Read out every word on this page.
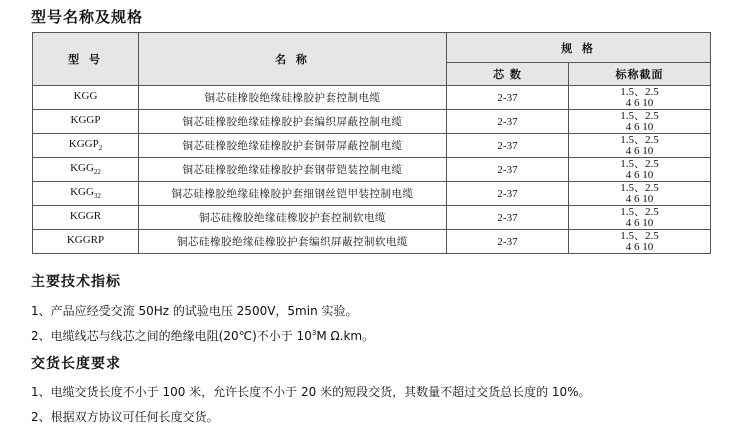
型号名称及规格
型 号	名 称	规 格	
		芯 数	标称截面
KGG	铜芯硅橡胶绝缘硅橡胶护套控制电缆	2-37	1.5、2.5
4 6 10

KGGP	铜芯硅橡胶绝缘硅橡胶护套编织屏蔽控制电缆	2-37	1.5、2.5
4 6 10

$KGGP_2$	铜芯硅橡胶绝缘硅橡胶护套铜带屏蔽控制电缆	2-37	1.5、2.5
4 6 10

$KGG_{22}$	铜芯硅橡胶绝缘硅橡胶护套钢带铠装控制电缆	2-37	1.5、2.5
4 6 10

$KGG_{32}$	铜芯硅橡胶绝缘硅橡胶护套细钢丝铠甲装控制电缆	2-37	1.5、2.5
4 6 10

KGGR	铜芯硅橡胶绝缘硅橡胶护套控制软电缆	2-37	1.5、2.5
4 6 10

KGGRP	铜芯硅橡胶绝缘硅橡胶护套编织屏蔽控制软电缆	2-37	1.5、2.5
4 6 10
主要技术指标
1、产品应经受交流 50Hz 的试验电压 2500V，5min 实验。
2、电缆线芯与线芯之间的绝缘电阻(20℃)不小于 $10^3M$ Ω.km。
交货长度要求
1、电缆交货长度不小于 100 米，允许长度不小于 20 米的短段交货，其数量不超过交货总长度的 10%。
2、根据双方协议可任何长度交货。
